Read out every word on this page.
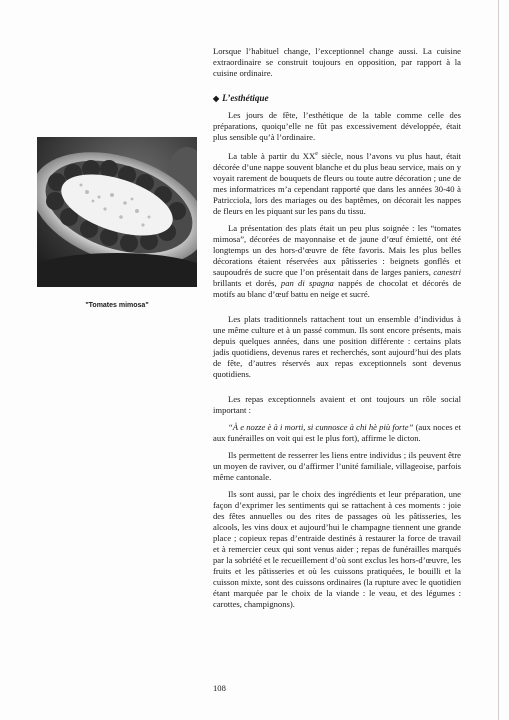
"Tomates mimosa"

Lorsque l’habituel change, l’exceptionnel change aussi. La cuisine extraordinaire se construit toujours en opposition, par rapport à la cuisine ordinaire.

◆ L’esthétique

Les jours de fête, l’esthétique de la table comme celle des préparations, quoiqu’elle ne fût pas excessivement développée, était plus sensible qu’à l’ordinaire.

La table à partir du XXe siècle, nous l’avons vu plus haut, était décorée d’une nappe souvent blanche et du plus beau service, mais on y voyait rarement de bouquets de fleurs ou toute autre décoration ; une de mes informatrices m’a cependant rapporté que dans les années 30-40 à Patricciola, lors des mariages ou des baptêmes, on décorait les nappes de fleurs en les piquant sur les pans du tissu.

La présentation des plats était un peu plus soignée : les “tomates mimosa”, décorées de mayonnaise et de jaune d’œuf émietté, ont été longtemps un des hors-d’œuvre de fête favoris. Mais les plus belles décorations étaient réservées aux pâtisseries : beignets gonflés et saupoudrés de sucre que l’on présentait dans de larges paniers, canestri brillants et dorés, pan di spagna nappés de chocolat et décorés de motifs au blanc d’œuf battu en neige et sucré.

Les plats traditionnels rattachent tout un ensemble d’individus à une même culture et à un passé commun. Ils sont encore présents, mais depuis quelques années, dans une position différente : certains plats jadis quotidiens, devenus rares et recherchés, sont aujourd’hui des plats de fête, d’autres réservés aux repas exceptionnels sont devenus quotidiens.

Les repas exceptionnels avaient et ont toujours un rôle social important :

“À e nozze è à i morti, si cunnosce à chi hè più forte” (aux noces et aux funérailles on voit qui est le plus fort), affirme le dicton.

Ils permettent de resserrer les liens entre individus ; ils peuvent être un moyen de raviver, ou d’affirmer l’unité familiale, villageoise, parfois même cantonale.

Ils sont aussi, par le choix des ingrédients et leur préparation, une façon d’exprimer les sentiments qui se rattachent à ces moments : joie des fêtes annuelles ou des rites de passages où les pâtisseries, les alcools, les vins doux et aujourd’hui le champagne tiennent une grande place ; copieux repas d’entraide destinés à restaurer la force de travail et à remercier ceux qui sont venus aider ; repas de funérailles marqués par la sobriété et le recueillement d’où sont exclus les hors-d’œuvre, les fruits et les pâtisseries et où les cuissons pratiquées, le bouilli et la cuisson mixte, sont des cuissons ordinaires (la rupture avec le quotidien étant marquée par le choix de la viande : le veau, et des légumes : carottes, champignons).

108
